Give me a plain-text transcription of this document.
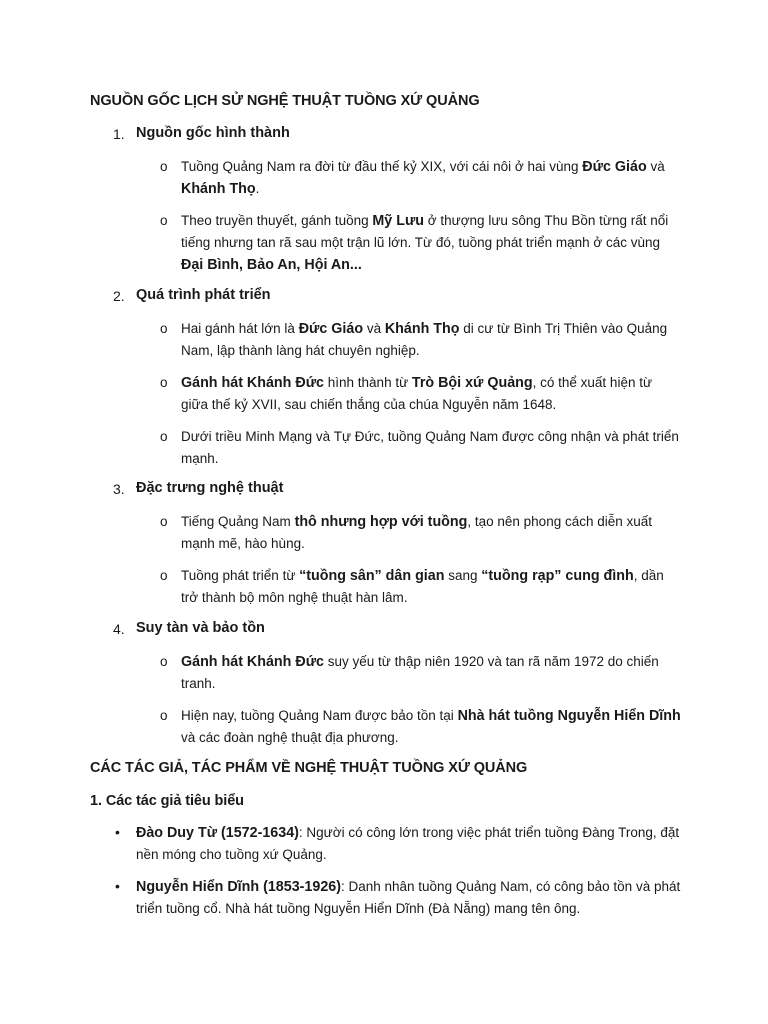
NGUỒN GỐC LỊCH SỬ NGHỆ THUẬT TUỒNG XỨ QUẢNG
1. Nguồn gốc hình thành
o Tuồng Quảng Nam ra đời từ đầu thế kỷ XIX, với cái nôi ở hai vùng Đức Giáo và Khánh Thọ.
o Theo truyền thuyết, gánh tuồng Mỹ Lưu ở thượng lưu sông Thu Bồn từng rất nổi tiếng nhưng tan rã sau một trận lũ lớn. Từ đó, tuồng phát triển mạnh ở các vùng Đại Bình, Bảo An, Hội An...
2. Quá trình phát triển
o Hai gánh hát lớn là Đức Giáo và Khánh Thọ di cư từ Bình Trị Thiên vào Quảng Nam, lập thành làng hát chuyên nghiệp.
o Gánh hát Khánh Đức hình thành từ Trò Bội xứ Quảng, có thể xuất hiện từ giữa thế kỷ XVII, sau chiến thắng của chúa Nguyễn năm 1648.
o Dưới triều Minh Mạng và Tự Đức, tuồng Quảng Nam được công nhận và phát triển mạnh.
3. Đặc trưng nghệ thuật
o Tiếng Quảng Nam thô nhưng hợp với tuồng, tạo nên phong cách diễn xuất mạnh mẽ, hào hùng.
o Tuồng phát triển từ “tuồng sân” dân gian sang “tuồng rạp” cung đình, dần trở thành bộ môn nghệ thuật hàn lâm.
4. Suy tàn và bảo tồn
o Gánh hát Khánh Đức suy yếu từ thập niên 1920 và tan rã năm 1972 do chiến tranh.
o Hiện nay, tuồng Quảng Nam được bảo tồn tại Nhà hát tuồng Nguyễn Hiển Dĩnh và các đoàn nghệ thuật địa phương.
CÁC TÁC GIẢ, TÁC PHẨM VỀ NGHỆ THUẬT TUỒNG XỨ QUẢNG
1. Các tác giả tiêu biểu
• Đào Duy Từ (1572-1634): Người có công lớn trong việc phát triển tuồng Đàng Trong, đặt nền móng cho tuồng xứ Quảng.
• Nguyễn Hiển Dĩnh (1853-1926): Danh nhân tuồng Quảng Nam, có công bảo tồn và phát triển tuồng cổ. Nhà hát tuồng Nguyễn Hiển Dĩnh (Đà Nẵng) mang tên ông.
